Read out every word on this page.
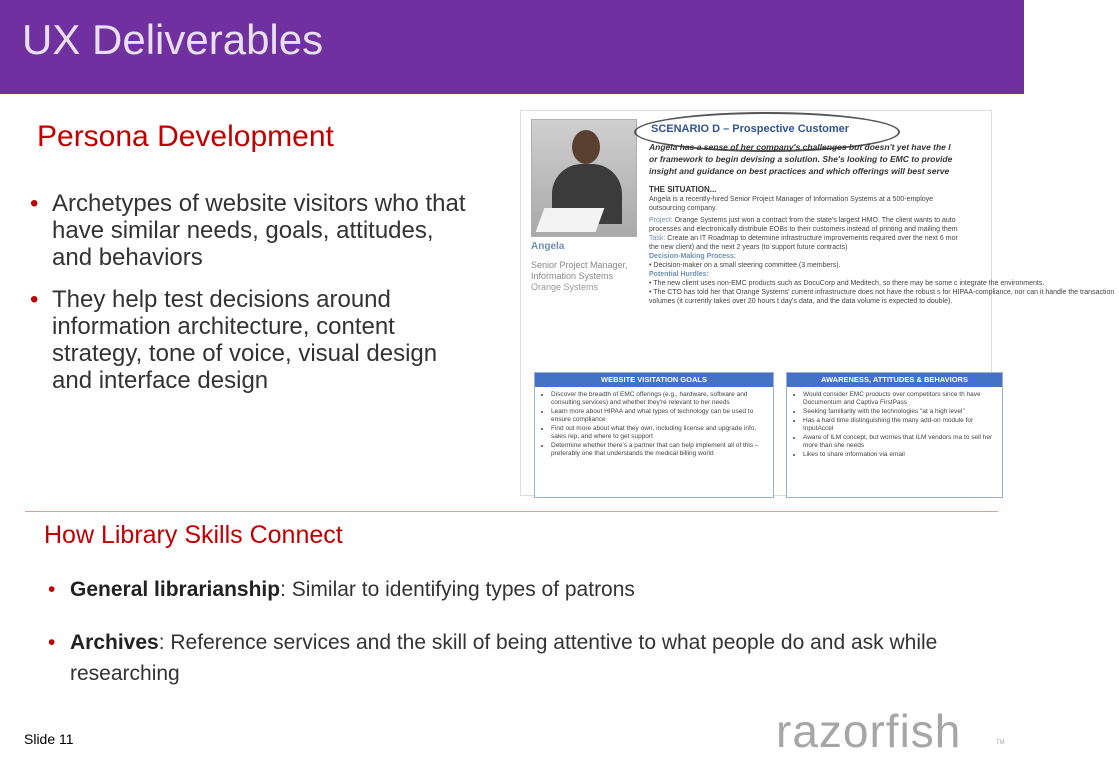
UX Deliverables
Persona Development
• Archetypes of website visitors who that have similar needs, goals, attitudes, and behaviors
• They help test decisions around information architecture, content strategy, tone of voice, visual design and interface design
Angela
Senior Project Manager, Information Systems
Orange Systems
SCENARIO D – Prospective Customer
Angela has a sense of her company's challenges but doesn't yet have the l
or framework to begin devising a solution. She's looking to EMC to provide
insight and guidance on best practices and which offerings will best serve
THE SITUATION...
Angela is a recently-hired Senior Project Manager of Information Systems at a 500-employe
outsourcing company.
Project: Orange Systems just won a contract from the state's largest HMO. The client wants to auto
processes and electronically distribute EOBs to their customers instead of printing and mailing them
Task: Create an IT Roadmap to determine infrastructure improvements required over the next 6 mor
the new client) and the next 2 years (to support future contracts)
Decision-Making Process:
• Decision-maker on a small steering committee (3 members).
Potential Hurdles:
• The new client uses non-EMC products such as DocuCorp and Meditech, so there may be some c integrate the environments.
• The CTO has told her that Orange Systems' current infrastructure does not have the robust s for HIPAA-compliance, nor can it handle the transaction volumes (it currently takes over 20 hours t day's data, and the data volume is expected to double).
WEBSITE VISITATION GOALS
• Discover the breadth of EMC offerings (e.g., hardware, software and consulting services) and whether they're relevant to her needs
• Learn more about HIPAA and what types of technology can be used to ensure compliance
• Find out more about what they own, including license and upgrade info, sales rep, and where to get support
• Determine whether there's a partner that can help implement all of this – preferably one that understands the medical billing world
AWARENESS, ATTITUDES & BEHAVIORS
• Would consider EMC products over competitors since th have Documentum and Captiva FirstPass
• Seeking familiarity with the technologies "at a high level"
• Has a hard time distinguishing the many add-on module for InputAccel
• Aware of ILM concept, but worries that ILM vendors ma to sell her more than she needs
• Likes to share information via email
How Library Skills Connect
• General librarianship: Similar to identifying types of patrons
• Archives: Reference services and the skill of being attentive to what people do and ask while researching
Slide 11	razorfish	TM
